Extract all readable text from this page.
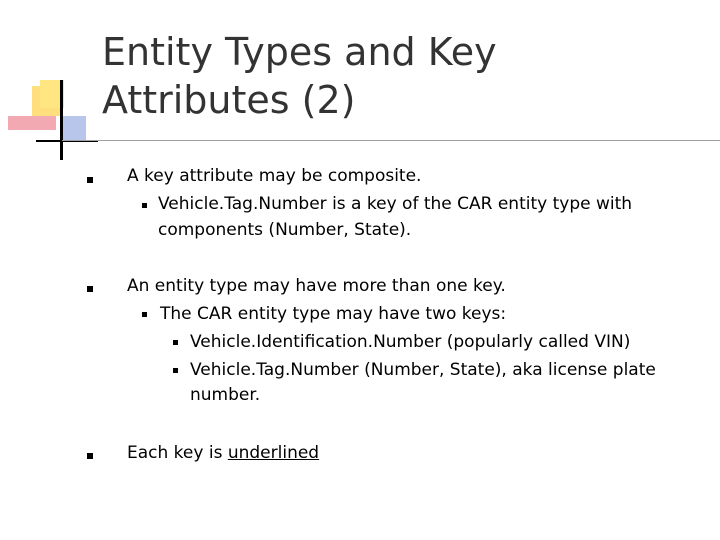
Entity Types and Key
Attributes (2)
A key attribute may be composite.
Vehicle.Tag.Number is a key of the CAR entity type with
components (Number, State).
An entity type may have more than one key.
The CAR entity type may have two keys:
Vehicle.Identification.Number (popularly called VIN)
Vehicle.Tag.Number (Number, State), aka license plate
number.
Each key is underlined
